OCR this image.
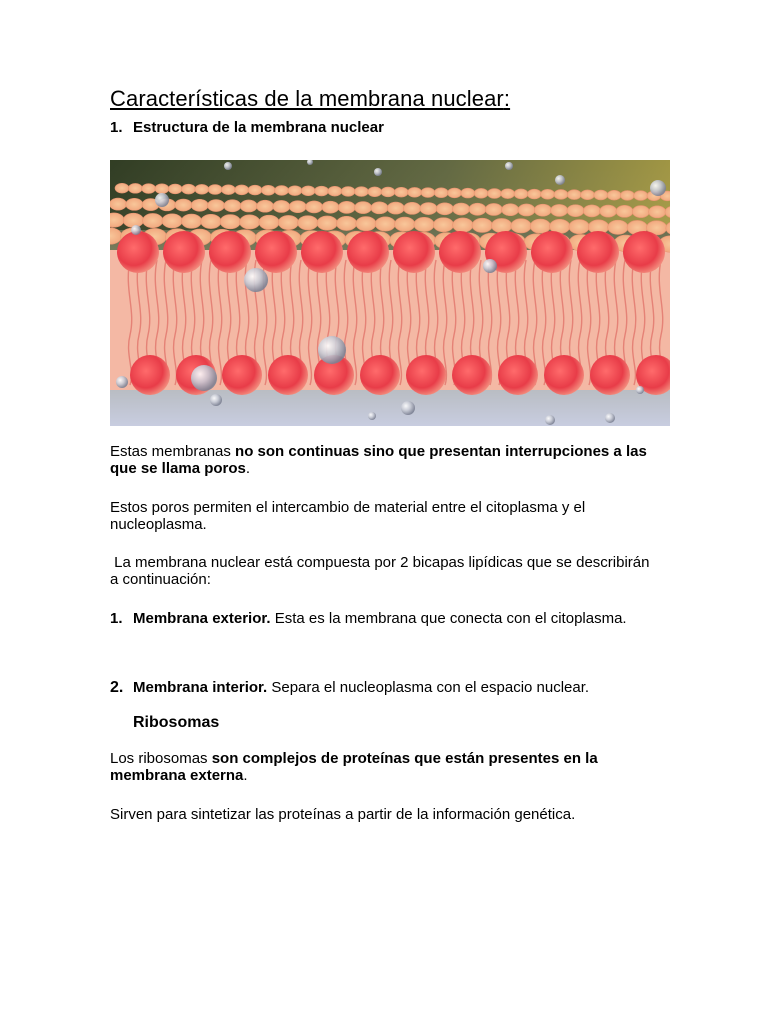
Características de la membrana nuclear:
1. Estructura de la membrana nuclear

Estas membranas no son continuas sino que presentan interrupciones a las que se llama poros.

Estos poros permiten el intercambio de material entre el citoplasma y el nucleoplasma.

La membrana nuclear está compuesta por 2 bicapas lipídicas que se describirán a continuación:

1. Membrana exterior. Esta es la membrana que conecta con el citoplasma.
2. Membrana interior. Separa el nucleoplasma con el espacio nuclear.
Ribosomas

Los ribosomas son complejos de proteínas que están presentes en la membrana externa.

Sirven para sintetizar las proteínas a partir de la información genética.
